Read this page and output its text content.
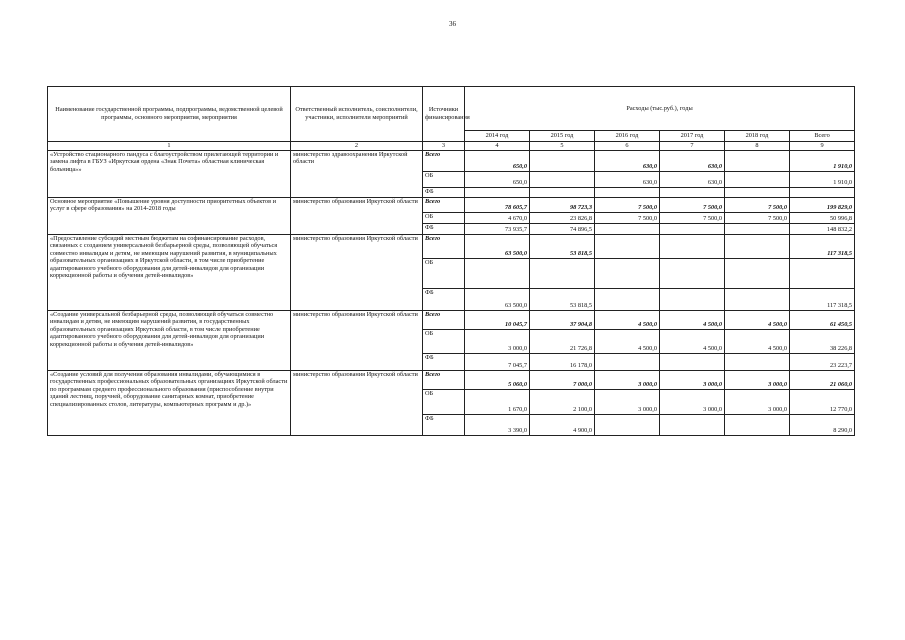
36
Наименование государственной программы, подпрограммы, ведомственной целевой программы, основного мероприятия, мероприятия	Ответственный исполнитель, соисполнители, участники, исполнители мероприятий	Источники финансирования	Расходы (тыс.руб.), годы					
			2014 год	2015 год	2016 год	2017 год	2018 год	Всего
1	2	3	4	5	6	7	8	9
«Устройство стационарного пандуса с благоустройством прилегающей территории и замена лифта в ГБУЗ «Иркутская ордена «Знак Почета» областная клиническая больница»»	министерство здравоохранения Иркутской области	Всего	650,0		630,0	630,0		1 910,0
		ОБ	650,0		630,0	630,0		1 910,0
		ФБ						
Основное мероприятие «Повышение уровня доступности приоритетных объектов и услуг в сфере образования» на 2014-2018 годы	министерство образования Иркутской области	Всего	78 605,7	98 723,3	7 500,0	7 500,0	7 500,0	199 829,0
		ОБ	4 670,0	23 826,8	7 500,0	7 500,0	7 500,0	50 996,8
		ФБ	73 935,7	74 896,5				148 832,2
«Предоставление субсидий местным бюджетам на софинансирование расходов, связанных с созданием универсальной безбарьерной среды, позволяющей обучаться совместно инвалидам и детям, не имеющим нарушений развития, в муниципальных образовательных организациях в Иркутской области, в том числе приобретение адаптированного учебного оборудования для детей-инвалидов для организации коррекционной работы и обучения детей-инвалидов»	министерство образования Иркутской области	Всего	63 500,0	53 818,5				117 318,5
		ОБ						
		ФБ	63 500,0	53 818,5				117 318,5
«Создание универсальной безбарьерной среды, позволяющей обучаться совместно инвалидам и детям, не имеющим нарушений развития, в государственных образовательных организациях Иркутской области, в том числе приобретение адаптированного учебного оборудования для детей-инвалидов для организации коррекционной работы и обучения детей-инвалидов»	министерство образования Иркутской области	Всего	10 045,7	37 904,8	4 500,0	4 500,0	4 500,0	61 450,5
		ОБ	3 000,0	21 726,8	4 500,0	4 500,0	4 500,0	38 226,8
		ФБ	7 045,7	16 178,0				23 223,7
«Создание условий для получения образования инвалидами, обучающимися в государственных профессиональных образовательных организациях Иркутской области по программам среднего профессионального образования (приспособление внутри зданий лестниц, поручней, оборудование санитарных комнат, приобретение специализированных столов, литературы, компьютерных программ и др.)»	министерство образования Иркутской области	Всего	5 060,0	7 000,0	3 000,0	3 000,0	3 000,0	21 060,0
		ОБ	1 670,0	2 100,0	3 000,0	3 000,0	3 000,0	12 770,0
		ФБ	3 390,0	4 900,0				8 290,0
